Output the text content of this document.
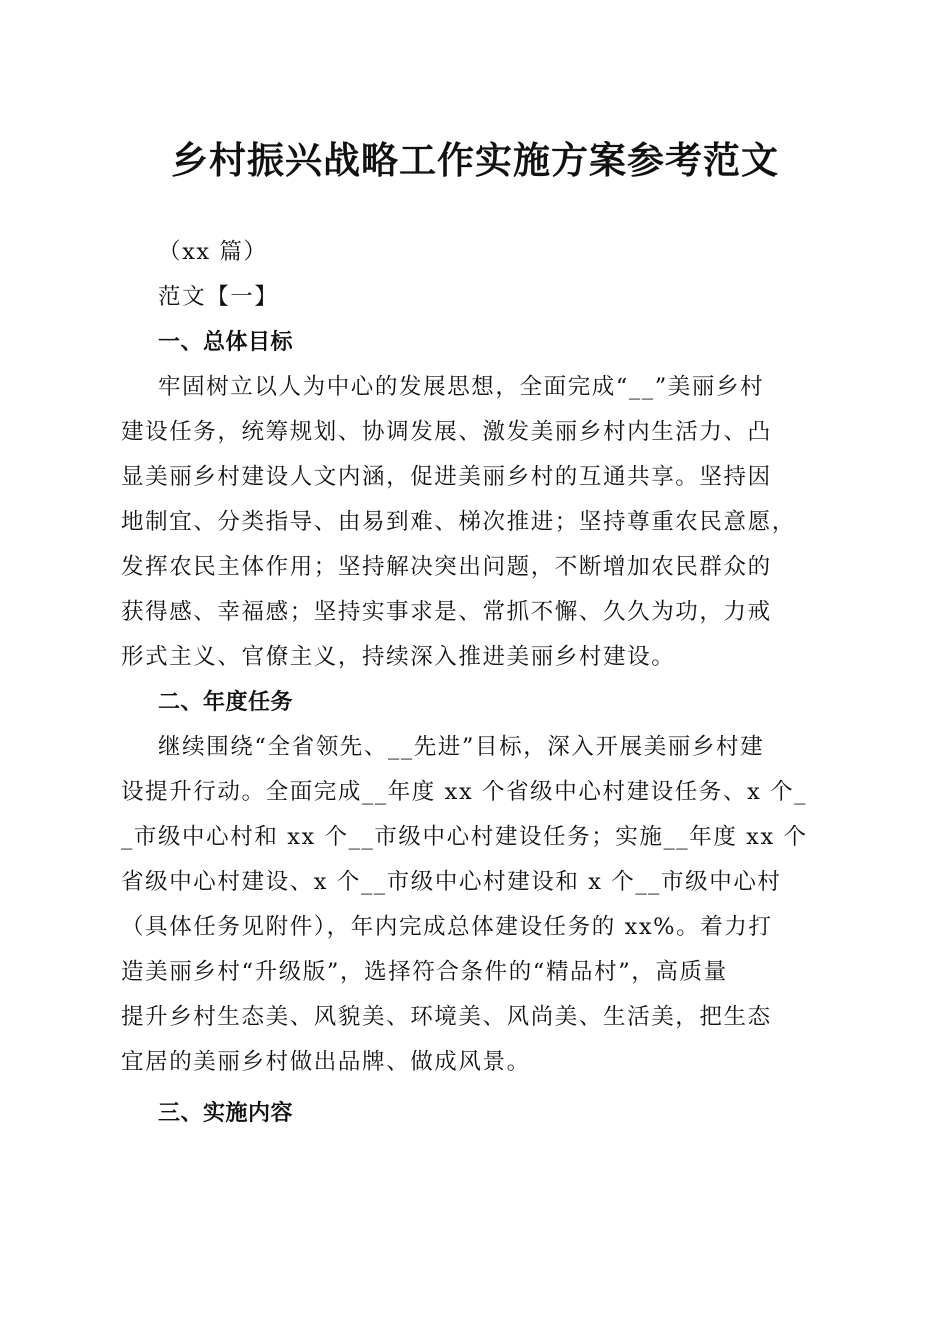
乡村振兴战略工作实施方案参考范文

（xx 篇）

范文【一】

一、总体目标

牢固树立以人为中心的发展思想，全面完成“__”美丽乡村

建设任务，统筹规划、协调发展、激发美丽乡村内生活力、凸

显美丽乡村建设人文内涵，促进美丽乡村的互通共享。坚持因

地制宜、分类指导、由易到难、梯次推进；坚持尊重农民意愿，

发挥农民主体作用；坚持解决突出问题，不断增加农民群众的

获得感、幸福感；坚持实事求是、常抓不懈、久久为功，力戒

形式主义、官僚主义，持续深入推进美丽乡村建设。

二、年度任务

继续围绕“全省领先、__先进”目标，深入开展美丽乡村建

设提升行动。全面完成__年度 xx 个省级中心村建设任务、x 个_

_市级中心村和 xx 个__市级中心村建设任务；实施__年度 xx 个

省级中心村建设、x 个__市级中心村建设和 x 个__市级中心村

（具体任务见附件），年内完成总体建设任务的 xx%。着力打

造美丽乡村“升级版”，选择符合条件的“精品村”，高质量

提升乡村生态美、风貌美、环境美、风尚美、生活美，把生态

宜居的美丽乡村做出品牌、做成风景。

三、实施内容
